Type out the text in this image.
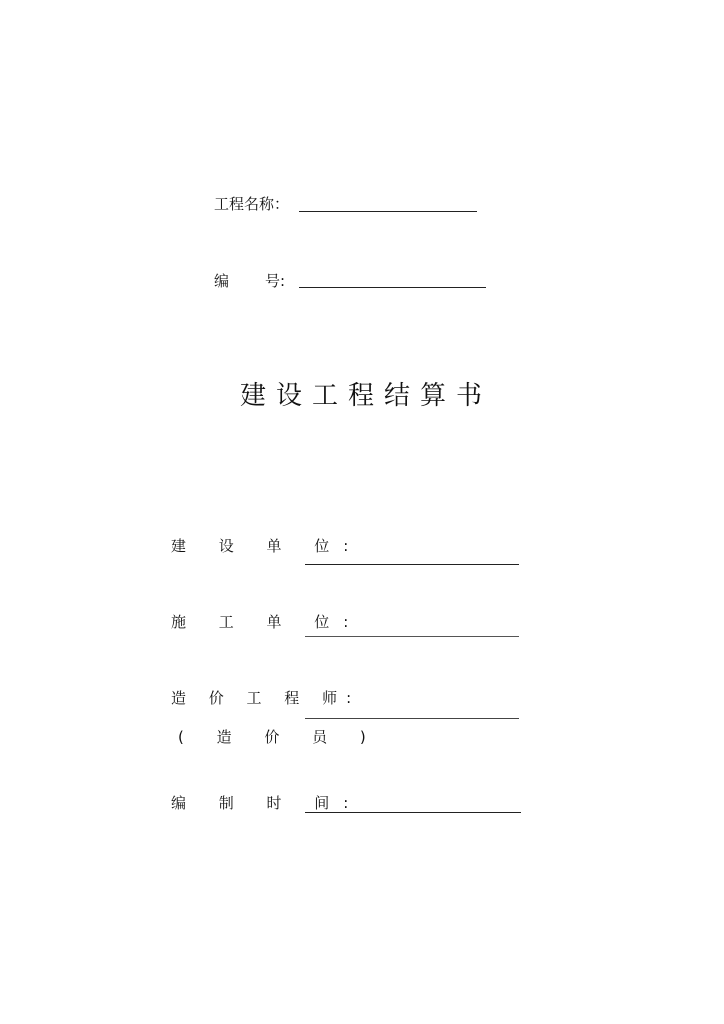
工程名称：
编 号:
建设工程结算书
建 设 单 位:
施 工 单 位:
造 价 工 程 师:
( 造 价 员 )
编 制 时 间:
